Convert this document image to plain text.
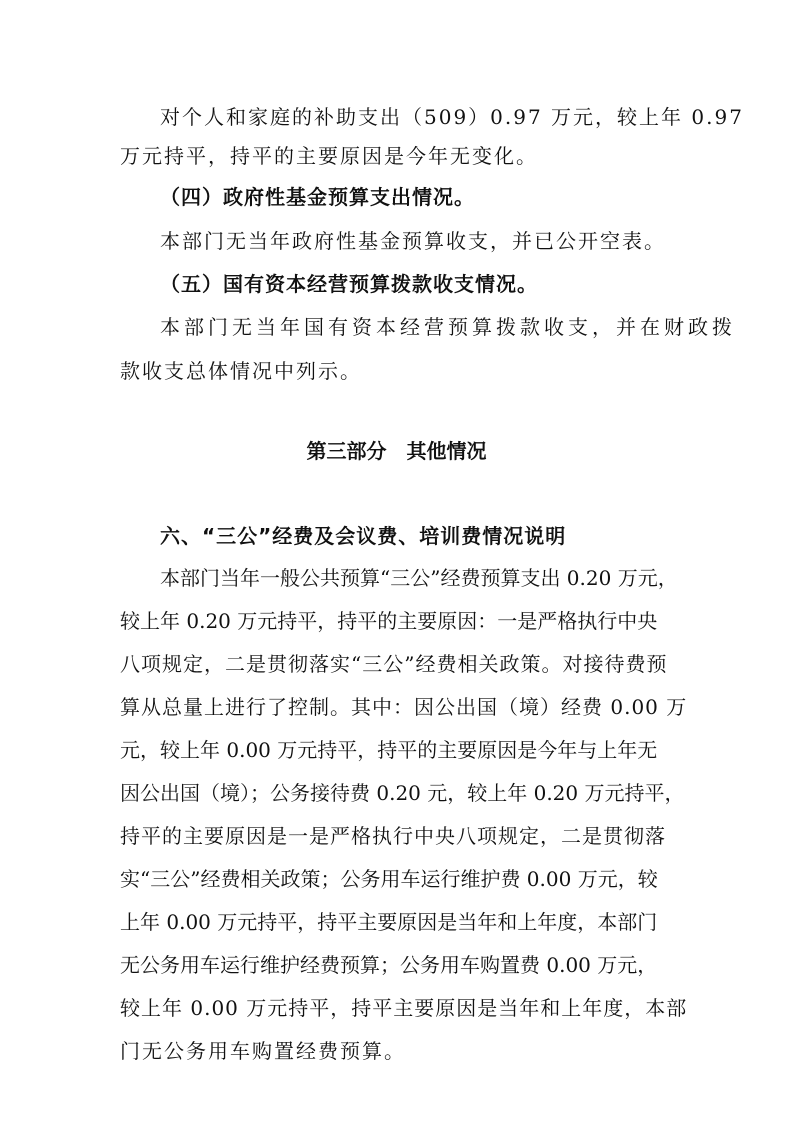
对个人和家庭的补助支出（509）0.97 万元，较上年 0.97
万元持平，持平的主要原因是今年无变化。
（四）政府性基金预算支出情况。
本部门无当年政府性基金预算收支，并已公开空表。
（五）国有资本经营预算拨款收支情况。
本部门无当年国有资本经营预算拨款收支，并在财政拨
款收支总体情况中列示。
第三部分　其他情况
六、“三公”经费及会议费、培训费情况说明
本部门当年一般公共预算“三公”经费预算支出 0.20 万元，
较上年 0.20 万元持平，持平的主要原因：一是严格执行中央
八项规定，二是贯彻落实“三公”经费相关政策。对接待费预
算从总量上进行了控制。其中：因公出国（境）经费 0.00 万
元，较上年 0.00 万元持平，持平的主要原因是今年与上年无
因公出国（境）；公务接待费 0.20 元，较上年 0.20 万元持平，
持平的主要原因是一是严格执行中央八项规定，二是贯彻落
实“三公”经费相关政策；公务用车运行维护费 0.00 万元，较
上年 0.00 万元持平，持平主要原因是当年和上年度，本部门
无公务用车运行维护经费预算；公务用车购置费 0.00 万元，
较上年 0.00 万元持平，持平主要原因是当年和上年度，本部
门无公务用车购置经费预算。
